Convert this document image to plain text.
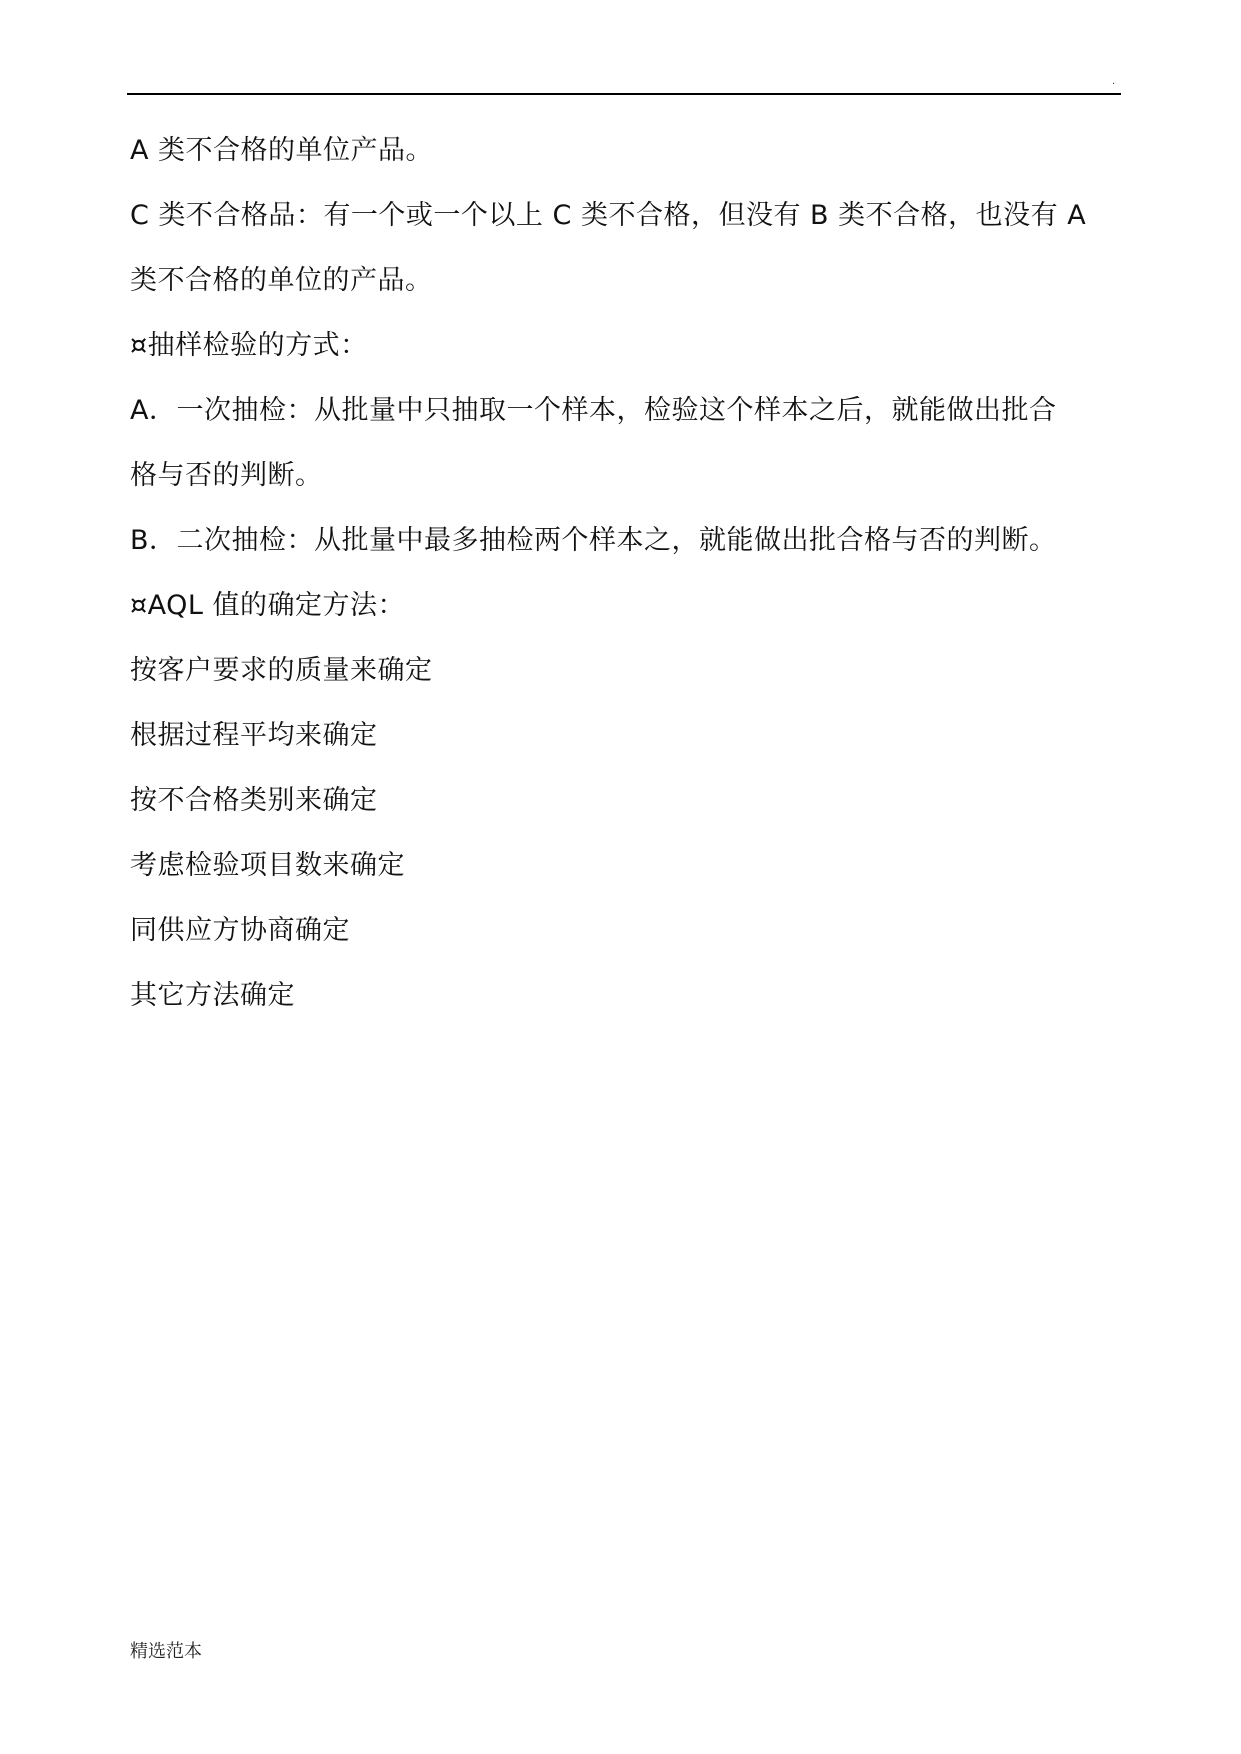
.
A 类不合格的单位产品。
C 类不合格品：有一个或一个以上 C 类不合格，但没有 B 类不合格，也没有 A
类不合格的单位的产品。
¤抽样检验的方式：
A．一次抽检：从批量中只抽取一个样本，检验这个样本之后，就能做出批合
格与否的判断。
B．二次抽检：从批量中最多抽检两个样本之，就能做出批合格与否的判断。
¤AQL 值的确定方法：
按客户要求的质量来确定
根据过程平均来确定
按不合格类别来确定
考虑检验项目数来确定
同供应方协商确定
其它方法确定
精选范本
